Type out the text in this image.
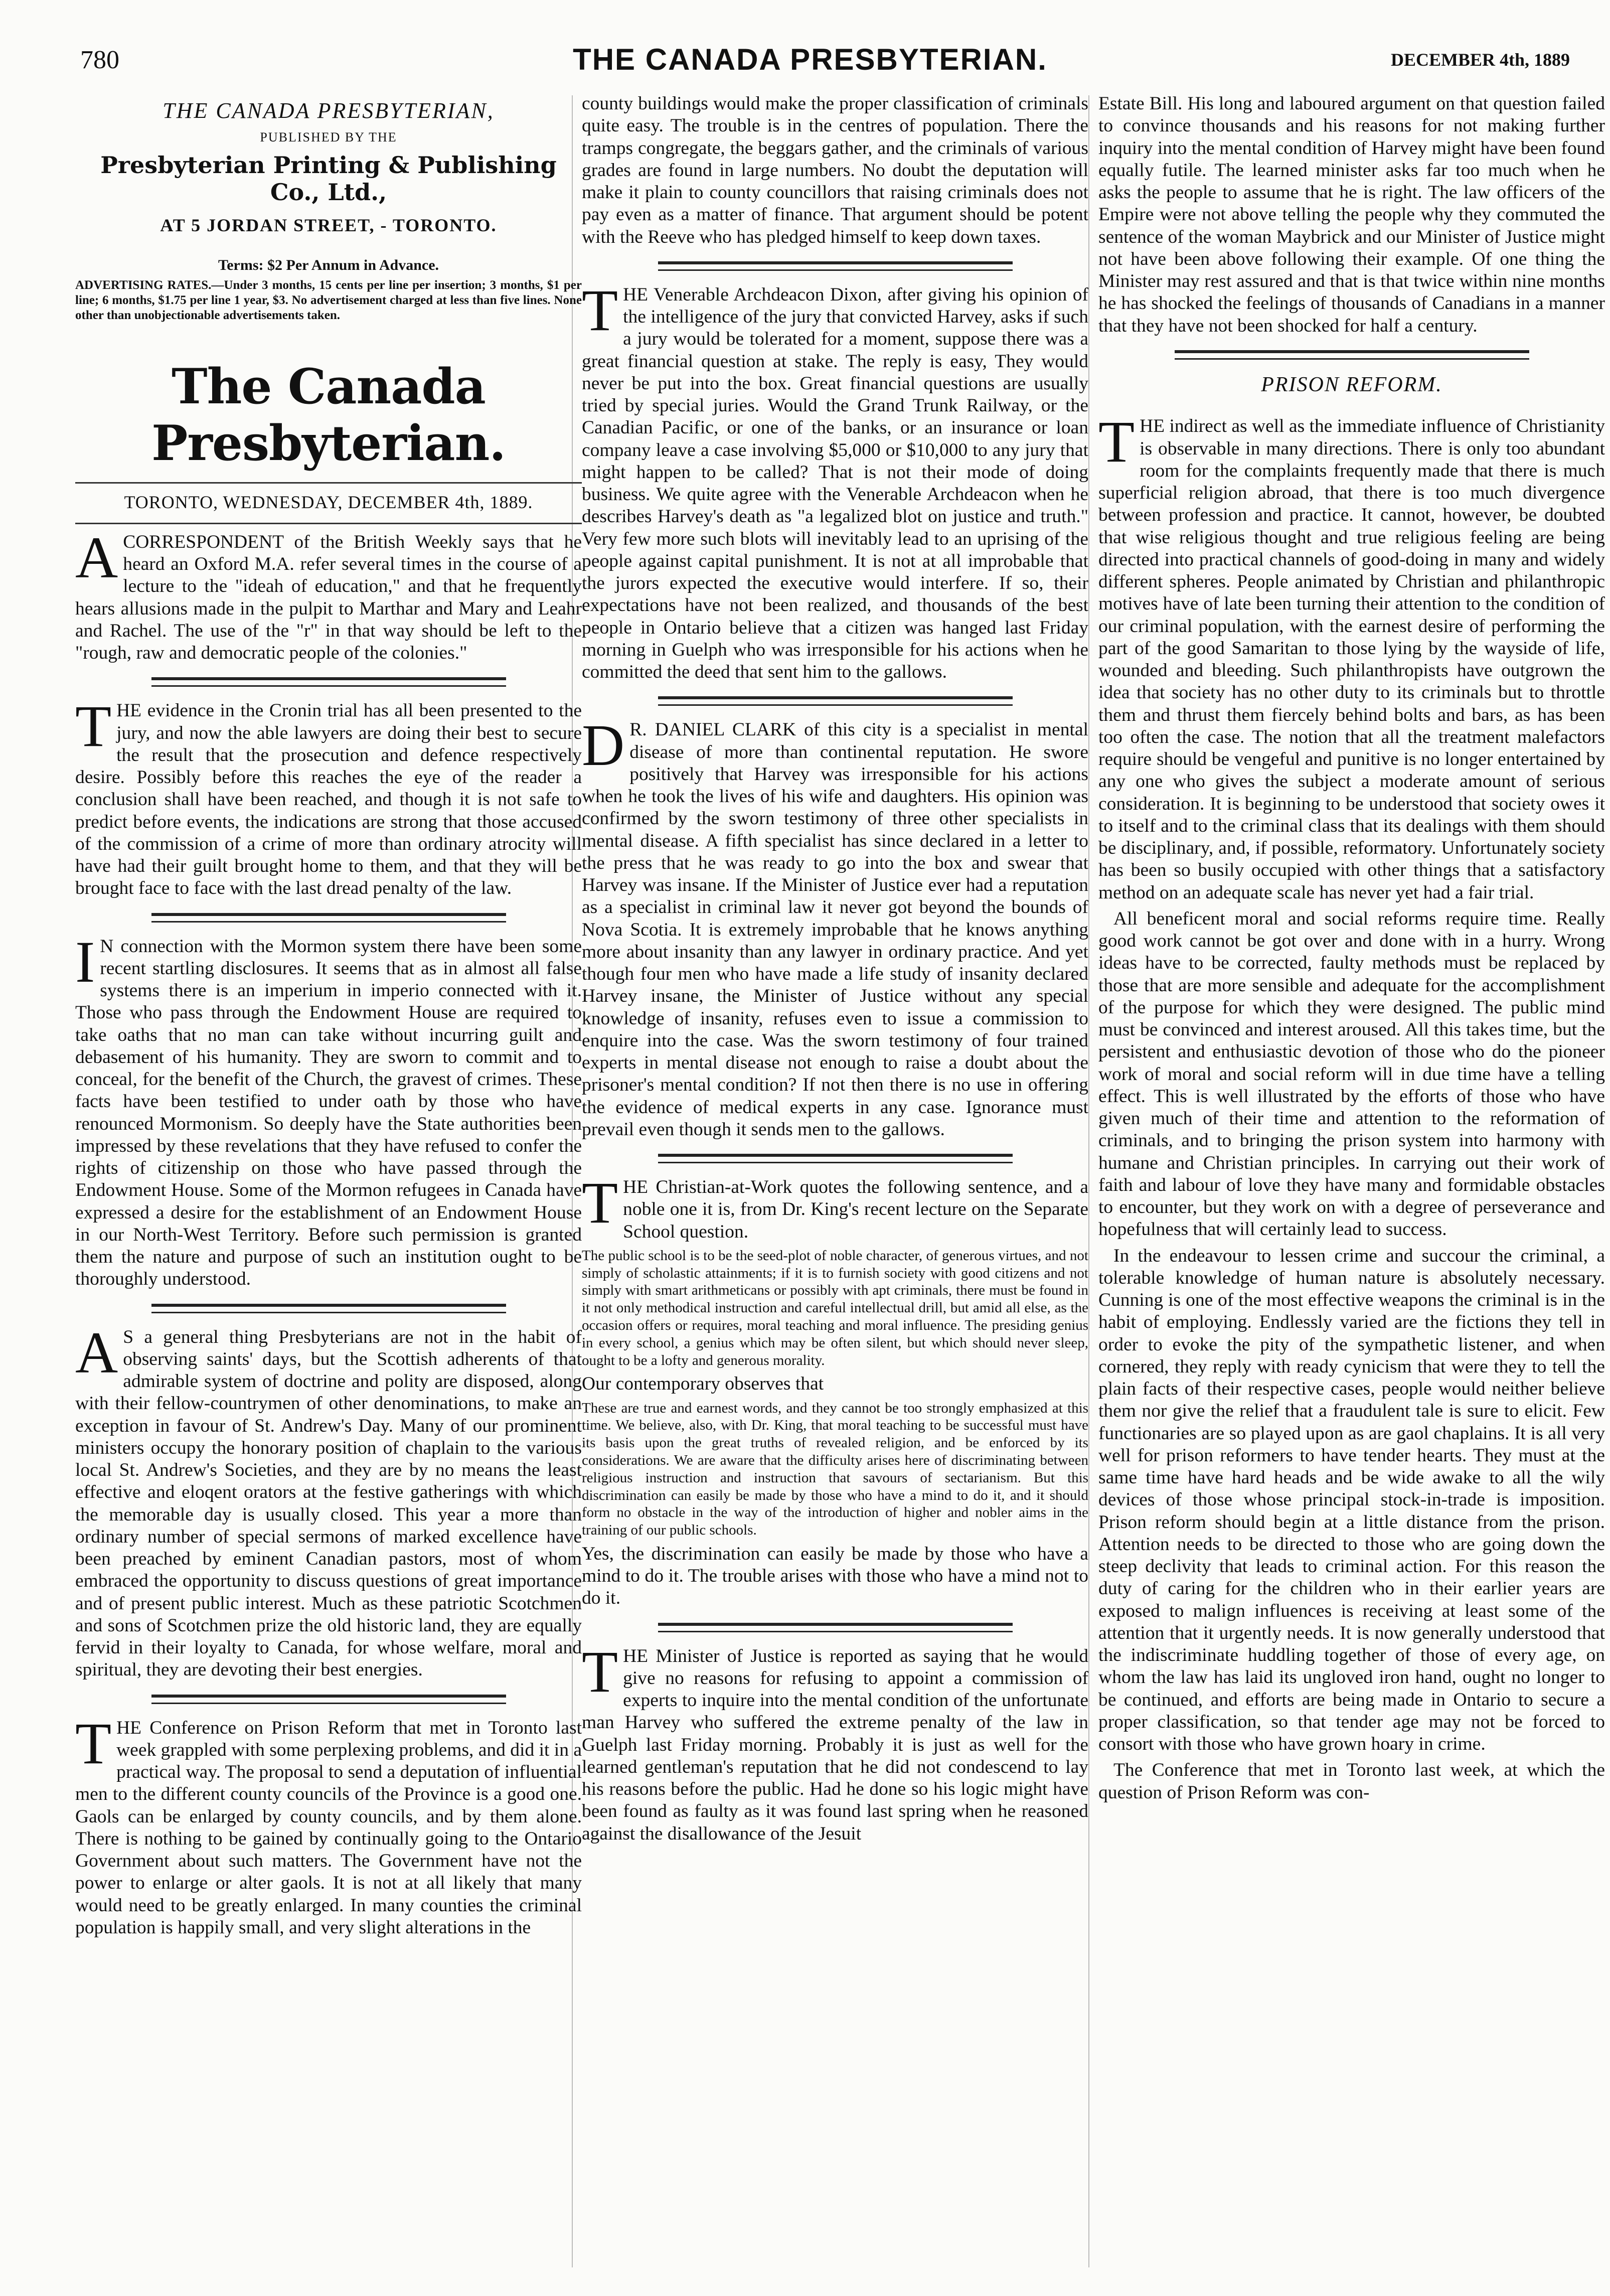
780	THE CANADA PRESBYTERIAN.	DECEMBER 4th, 1889
THE CANADA PRESBYTERIAN,
PUBLISHED BY THE
Presbyterian Printing & Publishing Co., Ltd.,
AT 5 JORDAN STREET, - TORONTO.
Terms: $2 Per Annum in Advance.
ADVERTISING RATES.—Under 3 months, 15 cents per line per insertion; 3 months, $1 per line; 6 months, $1.75 per line 1 year, $3. No advertisement charged at less than five lines. None other than unobjectionable advertisements taken.
The Canada Presbyterian.
TORONTO, WEDNESDAY, DECEMBER 4th, 1889.

ACORRESPONDENT of the British Weekly says that he heard an Oxford M.A. refer several times in the course of a lecture to the "ideah of education," and that he frequently hears allusions made in the pulpit to Marthar and Mary and Leahr and Rachel. The use of the "r" in that way should be left to the "rough, raw and democratic people of the colonies."

THE evidence in the Cronin trial has all been presented to the jury, and now the able lawyers are doing their best to secure the result that the prosecution and defence respectively desire. Possibly before this reaches the eye of the reader a conclusion shall have been reached, and though it is not safe to predict before events, the indications are strong that those accused of the commission of a crime of more than ordinary atrocity will have had their guilt brought home to them, and that they will be brought face to face with the last dread penalty of the law.

I N connection with the Mormon system there have been some recent startling disclosures. It seems that as in almost all false systems there is an imperium in imperio connected with it. Those who pass through the Endowment House are required to take oaths that no man can take without incurring guilt and debasement of his humanity. They are sworn to commit and to conceal, for the benefit of the Church, the gravest of crimes. These facts have been testified to under oath by those who have renounced Mormonism. So deeply have the State authorities been impressed by these revelations that they have refused to confer the rights of citizenship on those who have passed through the Endowment House. Some of the Mormon refugees in Canada have expressed a desire for the establishment of an Endowment House in our North-West Territory. Before such permission is granted them the nature and purpose of such an institution ought to be thoroughly understood.

A S a general thing Presbyterians are not in the habit of observing saints' days, but the Scottish adherents of that admirable system of doctrine and polity are disposed, along with their fellow-countrymen of other denominations, to make an exception in favour of St. Andrew's Day. Many of our prominent ministers occupy the honorary position of chaplain to the various local St. Andrew's Societies, and they are by no means the least effective and eloqent orators at the festive gatherings with which the memorable day is usually closed. This year a more than ordinary number of special sermons of marked excellence have been preached by eminent Canadian pastors, most of whom embraced the opportunity to discuss questions of great importance and of present public interest. Much as these patriotic Scotchmen and sons of Scotchmen prize the old historic land, they are equally fervid in their loyalty to Canada, for whose welfare, moral and spiritual, they are devoting their best energies.

THE Conference on Prison Reform that met in Toronto last week grappled with some perplexing problems, and did it in a practical way. The proposal to send a deputation of influential men to the different county councils of the Province is a good one. Gaols can be enlarged by county councils, and by them alone. There is nothing to be gained by continually going to the Ontario Government about such matters. The Government have not the power to enlarge or alter gaols. It is not at all likely that many would need to be greatly enlarged. In many counties the criminal population is happily small, and very slight alterations in the

county buildings would make the proper classification of criminals quite easy. The trouble is in the centres of population. There the tramps congregate, the beggars gather, and the criminals of various grades are found in large numbers. No doubt the deputation will make it plain to county councillors that raising criminals does not pay even as a matter of finance. That argument should be potent with the Reeve who has pledged himself to keep down taxes.

THE Venerable Archdeacon Dixon, after giving his opinion of the intelligence of the jury that convicted Harvey, asks if such a jury would be tolerated for a moment, suppose there was a great financial question at stake. The reply is easy, They would never be put into the box. Great financial questions are usually tried by special juries. Would the Grand Trunk Railway, or the Canadian Pacific, or one of the banks, or an insurance or loan company leave a case involving $5,000 or $10,000 to any jury that might happen to be called? That is not their mode of doing business. We quite agree with the Venerable Archdeacon when he describes Harvey's death as "a legalized blot on justice and truth." Very few more such blots will inevitably lead to an uprising of the people against capital punishment. It is not at all improbable that the jurors expected the executive would interfere. If so, their expectations have not been realized, and thousands of the best people in Ontario believe that a citizen was hanged last Friday morning in Guelph who was irresponsible for his actions when he committed the deed that sent him to the gallows.

D R. DANIEL CLARK of this city is a specialist in mental disease of more than continental reputation. He swore positively that Harvey was irresponsible for his actions when he took the lives of his wife and daughters. His opinion was confirmed by the sworn testimony of three other specialists in mental disease. A fifth specialist has since declared in a letter to the press that he was ready to go into the box and swear that Harvey was insane. If the Minister of Justice ever had a reputation as a specialist in criminal law it never got beyond the bounds of Nova Scotia. It is extremely improbable that he knows anything more about insanity than any lawyer in ordinary practice. And yet though four men who have made a life study of insanity declared Harvey insane, the Minister of Justice without any special knowledge of insanity, refuses even to issue a commission to enquire into the case. Was the sworn testimony of four trained experts in mental disease not enough to raise a doubt about the prisoner's mental condition? If not then there is no use in offering the evidence of medical experts in any case. Ignorance must prevail even though it sends men to the gallows.

THE Christian-at-Work quotes the following sentence, and a noble one it is, from Dr. King's recent lecture on the Separate School question.

The public school is to be the seed-plot of noble character, of generous virtues, and not simply of scholastic attainments; if it is to furnish society with good citizens and not simply with smart arithmeticans or possibly with apt criminals, there must be found in it not only methodical instruction and careful intellectual drill, but amid all else, as the occasion offers or requires, moral teaching and moral influence. The presiding genius in every school, a genius which may be often silent, but which should never sleep, ought to be a lofty and generous morality.

Our contemporary observes that

These are true and earnest words, and they cannot be too strongly emphasized at this time. We believe, also, with Dr. King, that moral teaching to be successful must have its basis upon the great truths of revealed religion, and be enforced by its considerations. We are aware that the difficulty arises here of discriminating between religious instruction and instruction that savours of sectarianism. But this discrimination can easily be made by those who have a mind to do it, and it should form no obstacle in the way of the introduction of higher and nobler aims in the training of our public schools.

Yes, the discrimination can easily be made by those who have a mind to do it. The trouble arises with those who have a mind not to do it.

THE Minister of Justice is reported as saying that he would give no reasons for refusing to appoint a commission of experts to inquire into the mental condition of the unfortunate man Harvey who suffered the extreme penalty of the law in Guelph last Friday morning. Probably it is just as well for the learned gentleman's reputation that he did not condescend to lay his reasons before the public. Had he done so his logic might have been found as faulty as it was found last spring when he reasoned against the disallowance of the Jesuit

Estate Bill. His long and laboured argument on that question failed to convince thousands and his reasons for not making further inquiry into the mental condition of Harvey might have been found equally futile. The learned minister asks far too much when he asks the people to assume that he is right. The law officers of the Empire were not above telling the people why they commuted the sentence of the woman Maybrick and our Minister of Justice might not have been above following their example. Of one thing the Minister may rest assured and that is that twice within nine months he has shocked the feelings of thousands of Canadians in a manner that they have not been shocked for half a century.

PRISON REFORM.

THE indirect as well as the immediate influence of Christianity is observable in many directions. There is only too abundant room for the complaints frequently made that there is much superficial religion abroad, that there is too much divergence between profession and practice. It cannot, however, be doubted that wise religious thought and true religious feeling are being directed into practical channels of good-doing in many and widely different spheres. People animated by Christian and philanthropic motives have of late been turning their attention to the condition of our criminal population, with the earnest desire of performing the part of the good Samaritan to those lying by the wayside of life, wounded and bleeding. Such philanthropists have outgrown the idea that society has no other duty to its criminals but to throttle them and thrust them fiercely behind bolts and bars, as has been too often the case. The notion that all the treatment malefactors require should be vengeful and punitive is no longer entertained by any one who gives the subject a moderate amount of serious consideration. It is beginning to be understood that society owes it to itself and to the criminal class that its dealings with them should be disciplinary, and, if possible, reformatory. Unfortunately society has been so busily occupied with other things that a satisfactory method on an adequate scale has never yet had a fair trial.

All beneficent moral and social reforms require time. Really good work cannot be got over and done with in a hurry. Wrong ideas have to be corrected, faulty methods must be replaced by those that are more sensible and adequate for the accomplishment of the purpose for which they were designed. The public mind must be convinced and interest aroused. All this takes time, but the persistent and enthusiastic devotion of those who do the pioneer work of moral and social reform will in due time have a telling effect. This is well illustrated by the efforts of those who have given much of their time and attention to the reformation of criminals, and to bringing the prison system into harmony with humane and Christian principles. In carrying out their work of faith and labour of love they have many and formidable obstacles to encounter, but they work on with a degree of perseverance and hopefulness that will certainly lead to success.

In the endeavour to lessen crime and succour the criminal, a tolerable knowledge of human nature is absolutely necessary. Cunning is one of the most effective weapons the criminal is in the habit of employing. Endlessly varied are the fictions they tell in order to evoke the pity of the sympathetic listener, and when cornered, they reply with ready cynicism that were they to tell the plain facts of their respective cases, people would neither believe them nor give the relief that a fraudulent tale is sure to elicit. Few functionaries are so played upon as are gaol chaplains. It is all very well for prison reformers to have tender hearts. They must at the same time have hard heads and be wide awake to all the wily devices of those whose principal stock-in-trade is imposition. Prison reform should begin at a little distance from the prison. Attention needs to be directed to those who are going down the steep declivity that leads to criminal action. For this reason the duty of caring for the children who in their earlier years are exposed to malign influences is receiving at least some of the attention that it urgently needs. It is now generally understood that the indiscriminate huddling together of those of every age, on whom the law has laid its ungloved iron hand, ought no longer to be continued, and efforts are being made in Ontario to secure a proper classification, so that tender age may not be forced to consort with those who have grown hoary in crime.

The Conference that met in Toronto last week, at which the question of Prison Reform was con-
